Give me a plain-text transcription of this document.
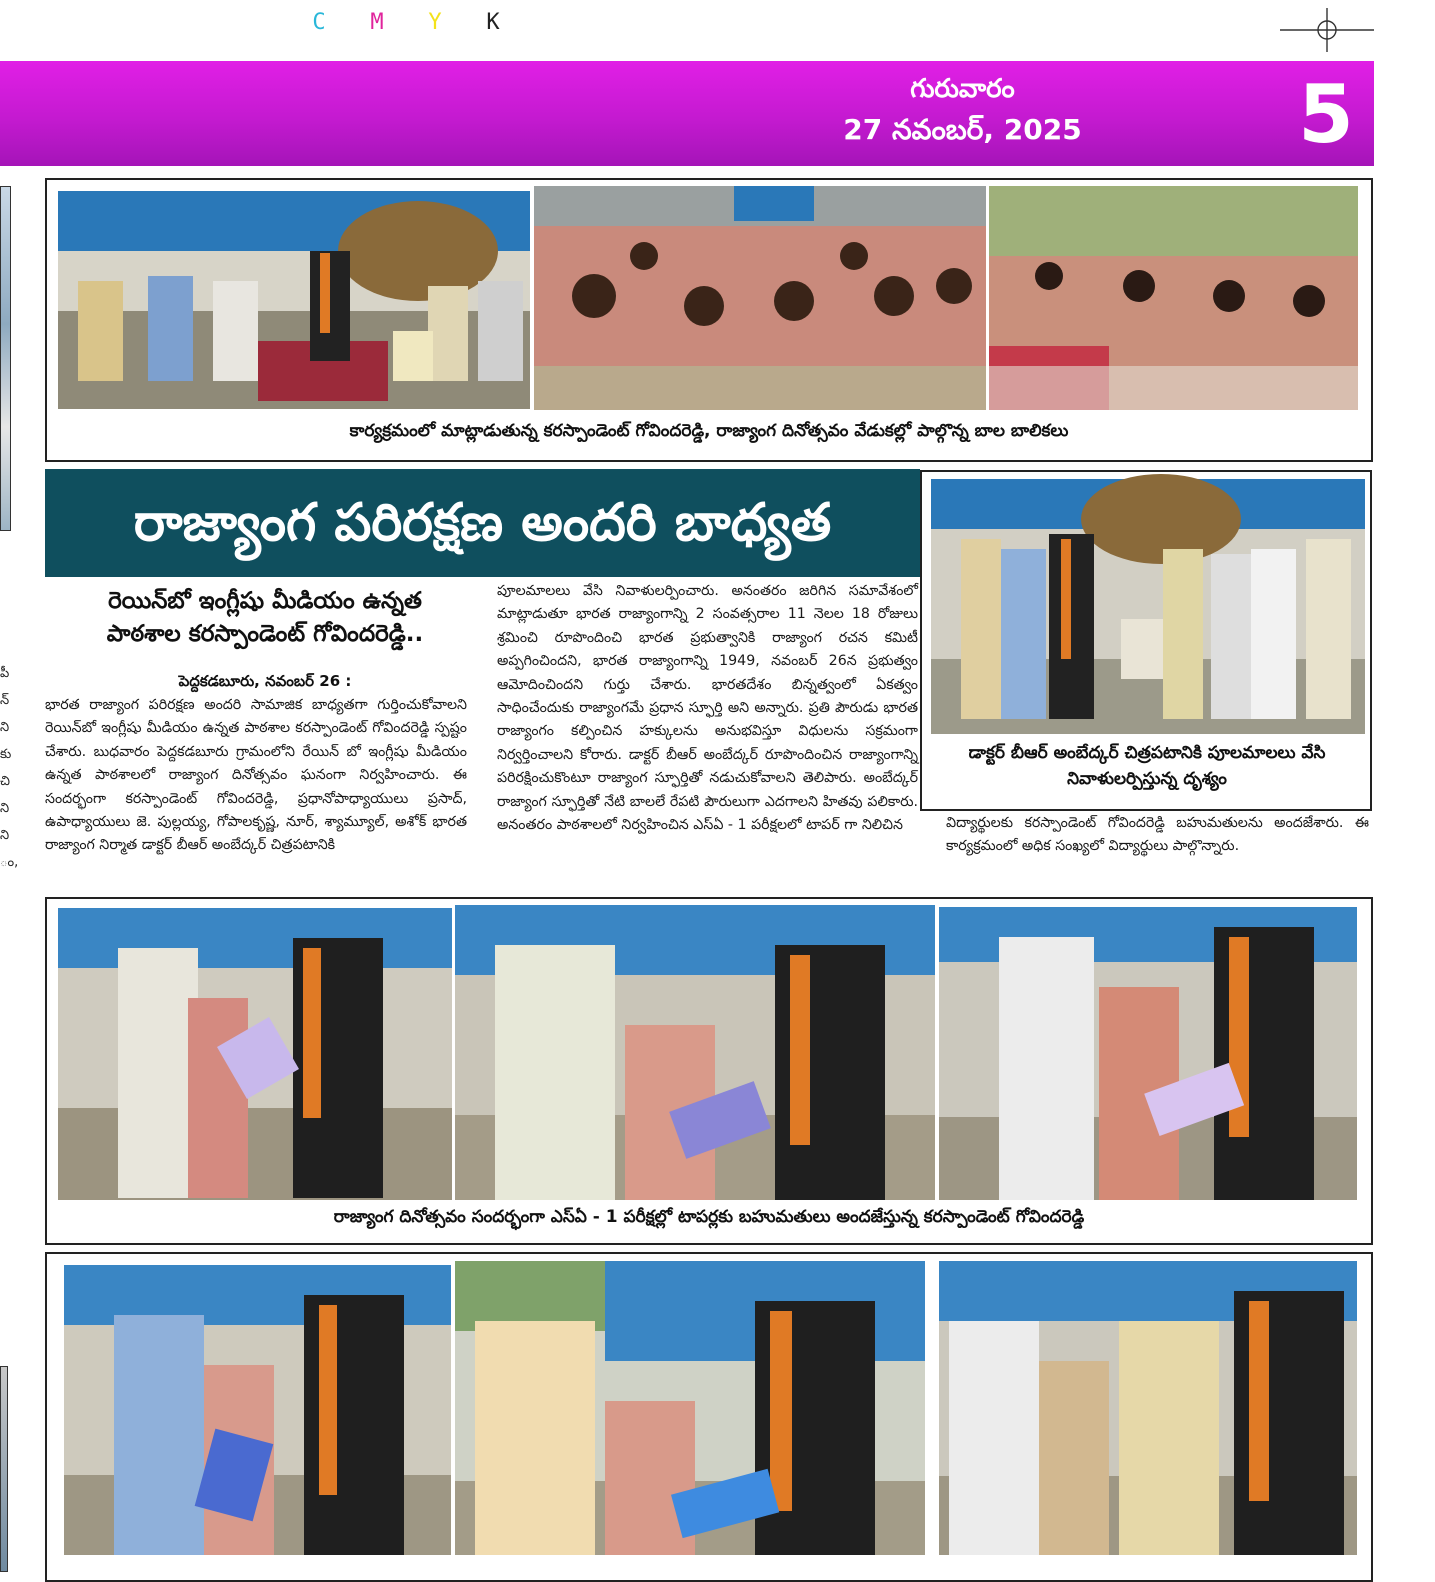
C M Y K
గురువారం
27 నవంబర్, 2025	5
పీ
న్
ని
కు
చి
ని
ని
ం,
కార్యక్రమంలో మాట్లాడుతున్న కరస్పాండెంట్ గోవిందరెడ్డి, రాజ్యాంగ దినోత్సవం వేడుకల్లో పాల్గొన్న బాల బాలికలు
రాజ్యాంగ పరిరక్షణ అందరి బాధ్యత
రెయిన్‌బో ఇంగ్లీషు మీడియం ఉన్నత
పాఠశాల కరస్పాండెంట్ గోవిందరెడ్డి..
పెద్దకడబూరు, నవంబర్ 26 :
భారత రాజ్యాంగ పరిరక్షణ అందరి సామాజిక బాధ్యతగా గుర్తించుకోవాలని రెయిన్‌బో ఇంగ్లీషు మీడియం ఉన్నత పాఠశాల కరస్పాండెంట్ గోవిందరెడ్డి స్పష్టం చేశారు. బుధవారం పెద్దకడబూరు గ్రామంలోని రేయిన్ బో ఇంగ్లీషు మీడియం ఉన్నత పాఠశాలలో రాజ్యాంగ దినోత్సవం ఘనంగా నిర్వహించారు. ఈ సందర్భంగా కరస్పాండెంట్ గోవిందరెడ్డి, ప్రధానోపాధ్యాయులు ప్రసాద్, ఉపాధ్యాయులు జె. పుల్లయ్య, గోపాలకృష్ణ, నూర్, శ్యామ్యూల్, అశోక్ భారత రాజ్యాంగ నిర్మాత డాక్టర్ బీఆర్ అంబేద్కర్ చిత్రపటానికి
పూలమాలలు వేసి నివాళులర్పించారు. అనంతరం జరిగిన సమావేశంలో మాట్లాడుతూ భారత రాజ్యాంగాన్ని 2 సంవత్సరాల 11 నెలల 18 రోజులు శ్రమించి రూపొందించి భారత ప్రభుత్వానికి రాజ్యాంగ రచన కమిటీ అప్పగించిందని, భారత రాజ్యాంగాన్ని 1949, నవంబర్ 26న ప్రభుత్వం ఆమోదించిందని గుర్తు చేశారు. భారతదేశం బిన్నత్వంలో ఏకత్వం సాధించేందుకు రాజ్యాంగమే ప్రధాన స్ఫూర్తి అని అన్నారు. ప్రతి పౌరుడు భారత రాజ్యాంగం కల్పించిన హక్కులను అనుభవిస్తూ విధులను సక్రమంగా నిర్వర్తించాలని కోరారు. డాక్టర్ బీఆర్ అంబేద్కర్ రూపొందించిన రాజ్యాంగాన్ని పరిరక్షించుకొంటూ రాజ్యాంగ స్ఫూర్తితో నడుచుకోవాలని తెలిపారు. అంబేద్కర్ రాజ్యాంగ స్ఫూర్తితో నేటి బాలలే రేపటి పౌరులుగా ఎదగాలని హితవు పలికారు. అనంతరం పాఠశాలలో నిర్వహించిన ఎస్ఏ - 1 పరీక్షలలో టాపర్ గా నిలిచిన	విద్యార్థులకు కరస్పాండెంట్ గోవిందరెడ్డి బహుమతులను అందజేశారు. ఈ కార్యక్రమంలో అధిక సంఖ్యలో విద్యార్థులు పాల్గొన్నారు.
డాక్టర్ బీఆర్ అంబేద్కర్ చిత్రపటానికి పూలమాలలు వేసి నివాళులర్పిస్తున్న దృశ్యం
రాజ్యాంగ దినోత్సవం సందర్భంగా ఎస్ఏ - 1 పరీక్షల్లో టాపర్లకు బహుమతులు అందజేస్తున్న కరస్పాండెంట్ గోవిందరెడ్డి
